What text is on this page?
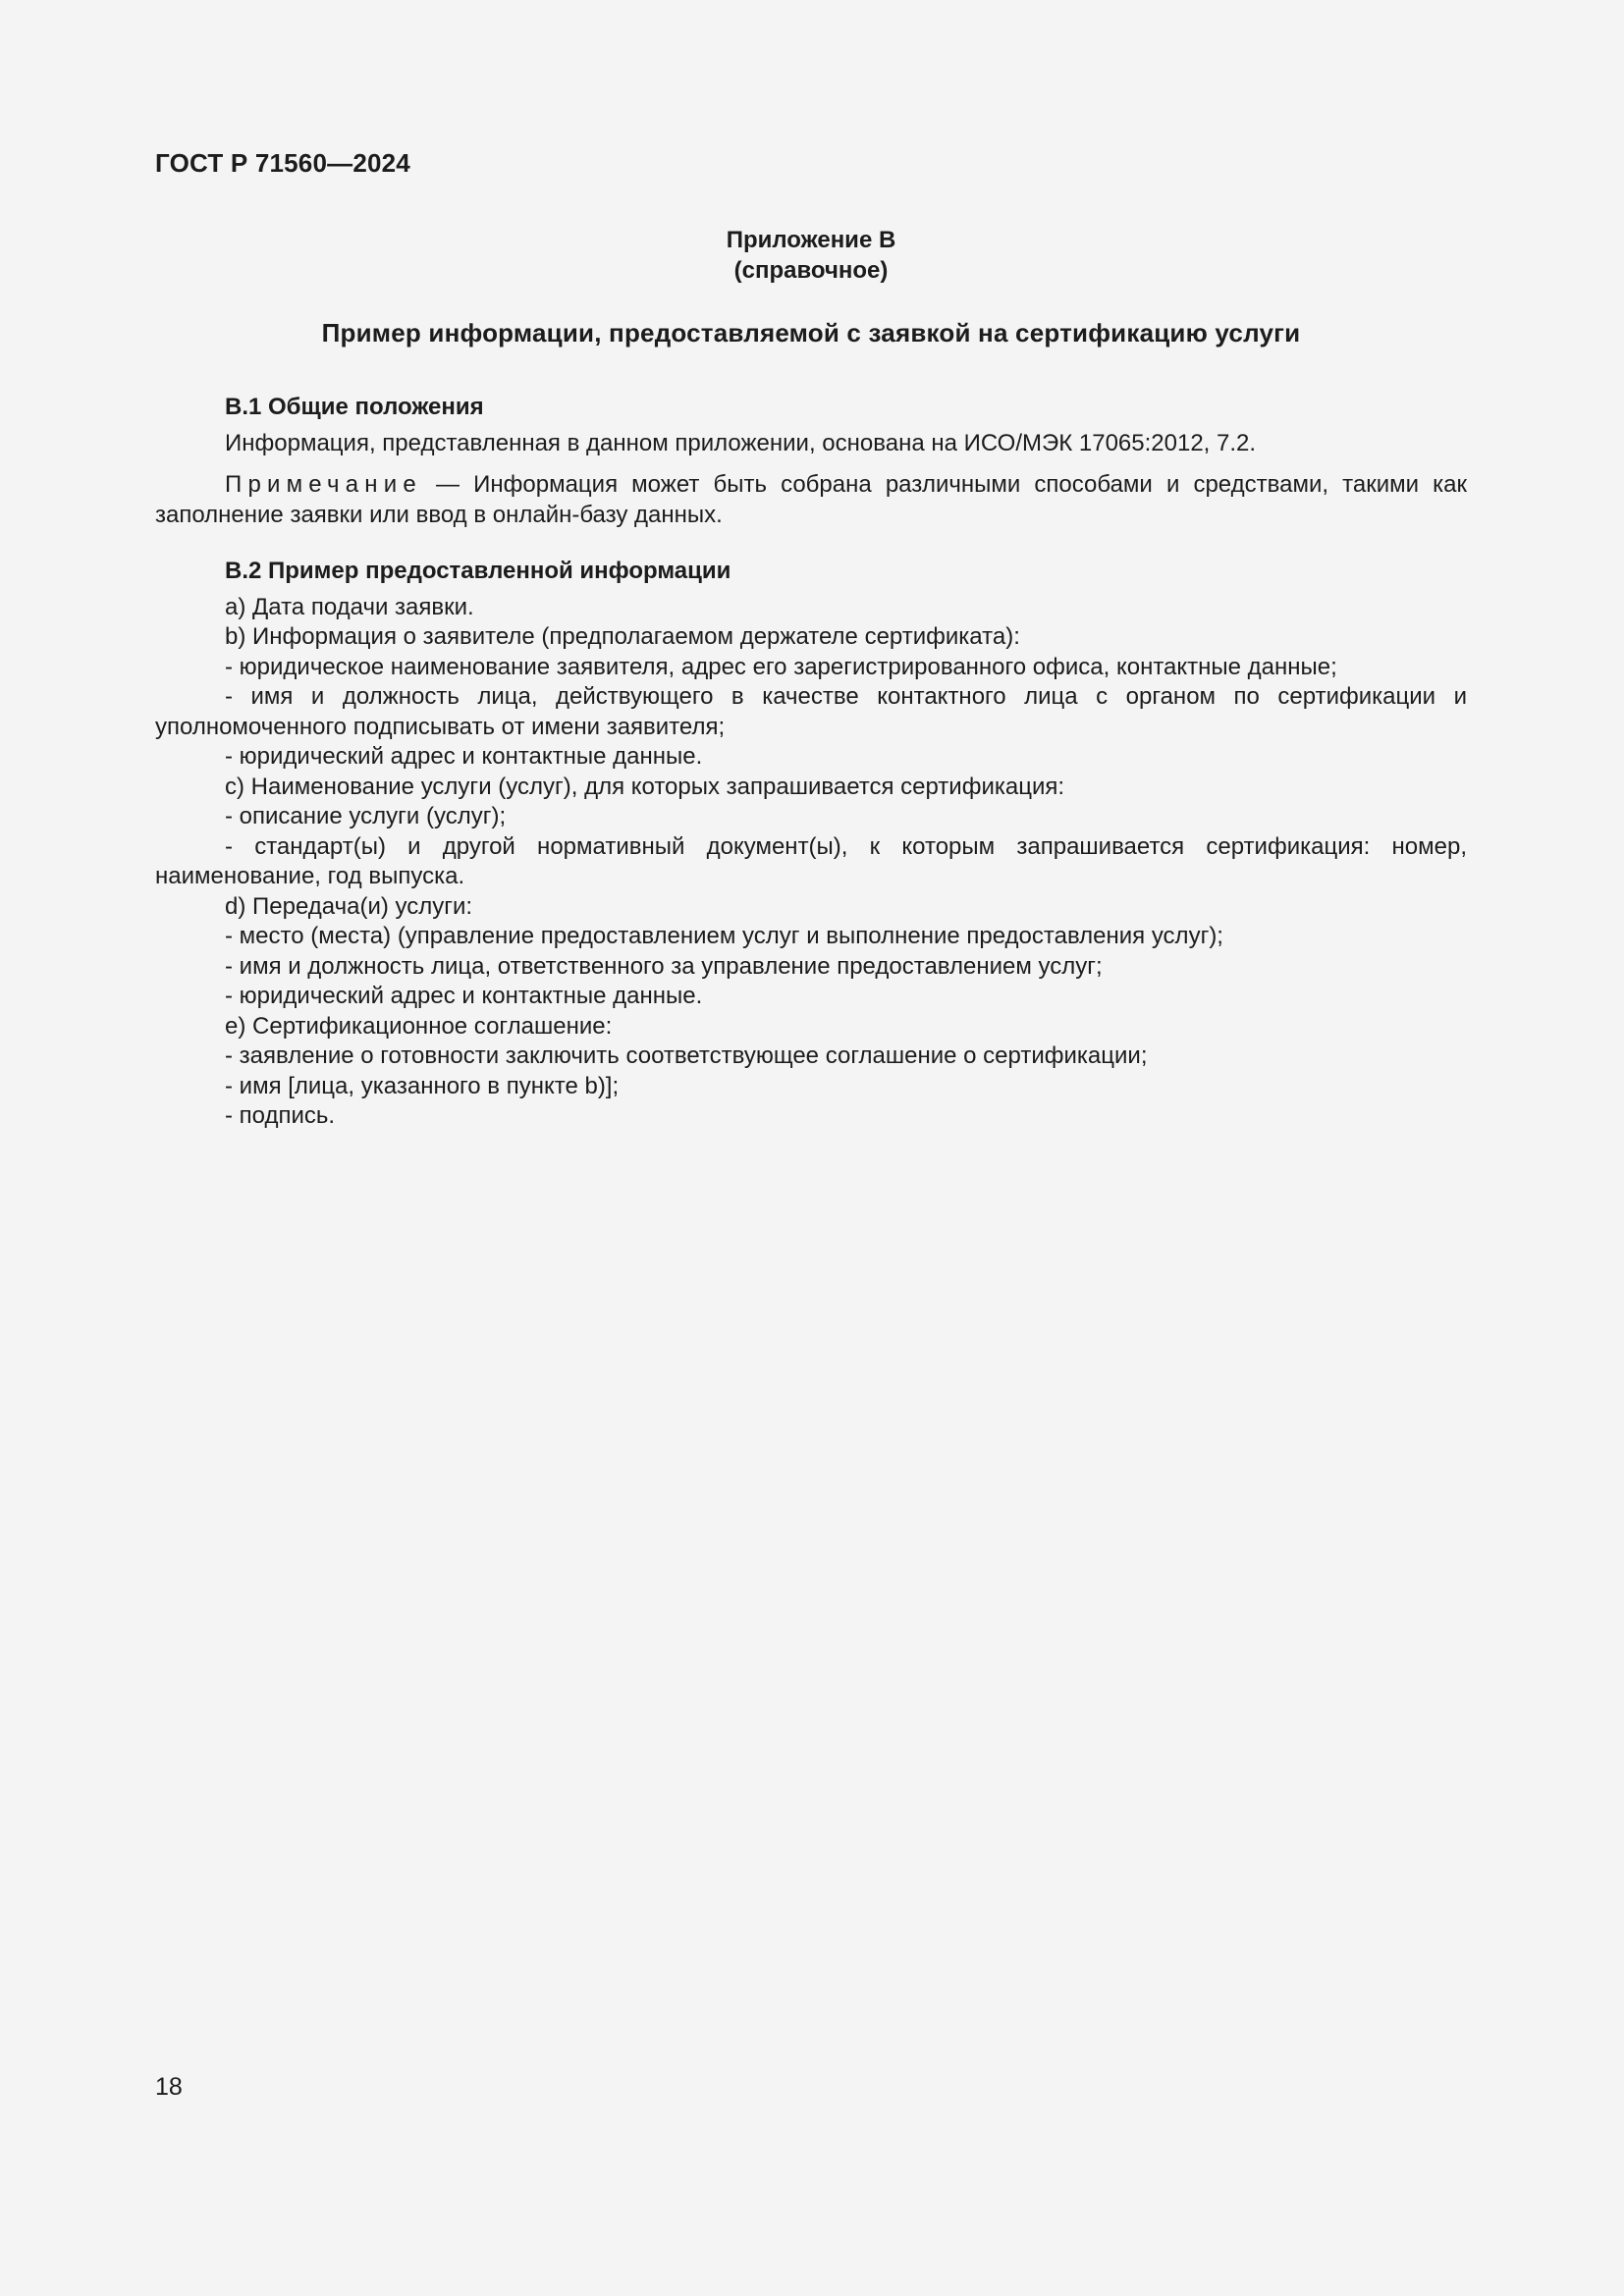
ГОСТ Р 71560—2024
Приложение В
(справочное)
Пример информации, предоставляемой с заявкой на сертификацию услуги

В.1 Общие положения

Информация, представленная в данном приложении, основана на ИСО/МЭК 17065:2012, 7.2.

Примечание — Информация может быть собрана различными способами и средствами, такими как заполнение заявки или ввод в онлайн-базу данных.

В.2 Пример предоставленной информации

a) Дата подачи заявки.

b) Информация о заявителе (предполагаемом держателе сертификата):

- юридическое наименование заявителя, адрес его зарегистрированного офиса, контактные данные;

- имя и должность лица, действующего в качестве контактного лица с органом по сертификации и уполномоченного подписывать от имени заявителя;

- юридический адрес и контактные данные.

c) Наименование услуги (услуг), для которых запрашивается сертификация:

- описание услуги (услуг);

- стандарт(ы) и другой нормативный документ(ы), к которым запрашивается сертификация: номер, наименование, год выпуска.

d) Передача(и) услуги:

- место (места) (управление предоставлением услуг и выполнение предоставления услуг);

- имя и должность лица, ответственного за управление предоставлением услуг;

- юридический адрес и контактные данные.

e) Сертификационное соглашение:

- заявление о готовности заключить соответствующее соглашение о сертификации;

- имя [лица, указанного в пункте b)];

- подпись.

18
